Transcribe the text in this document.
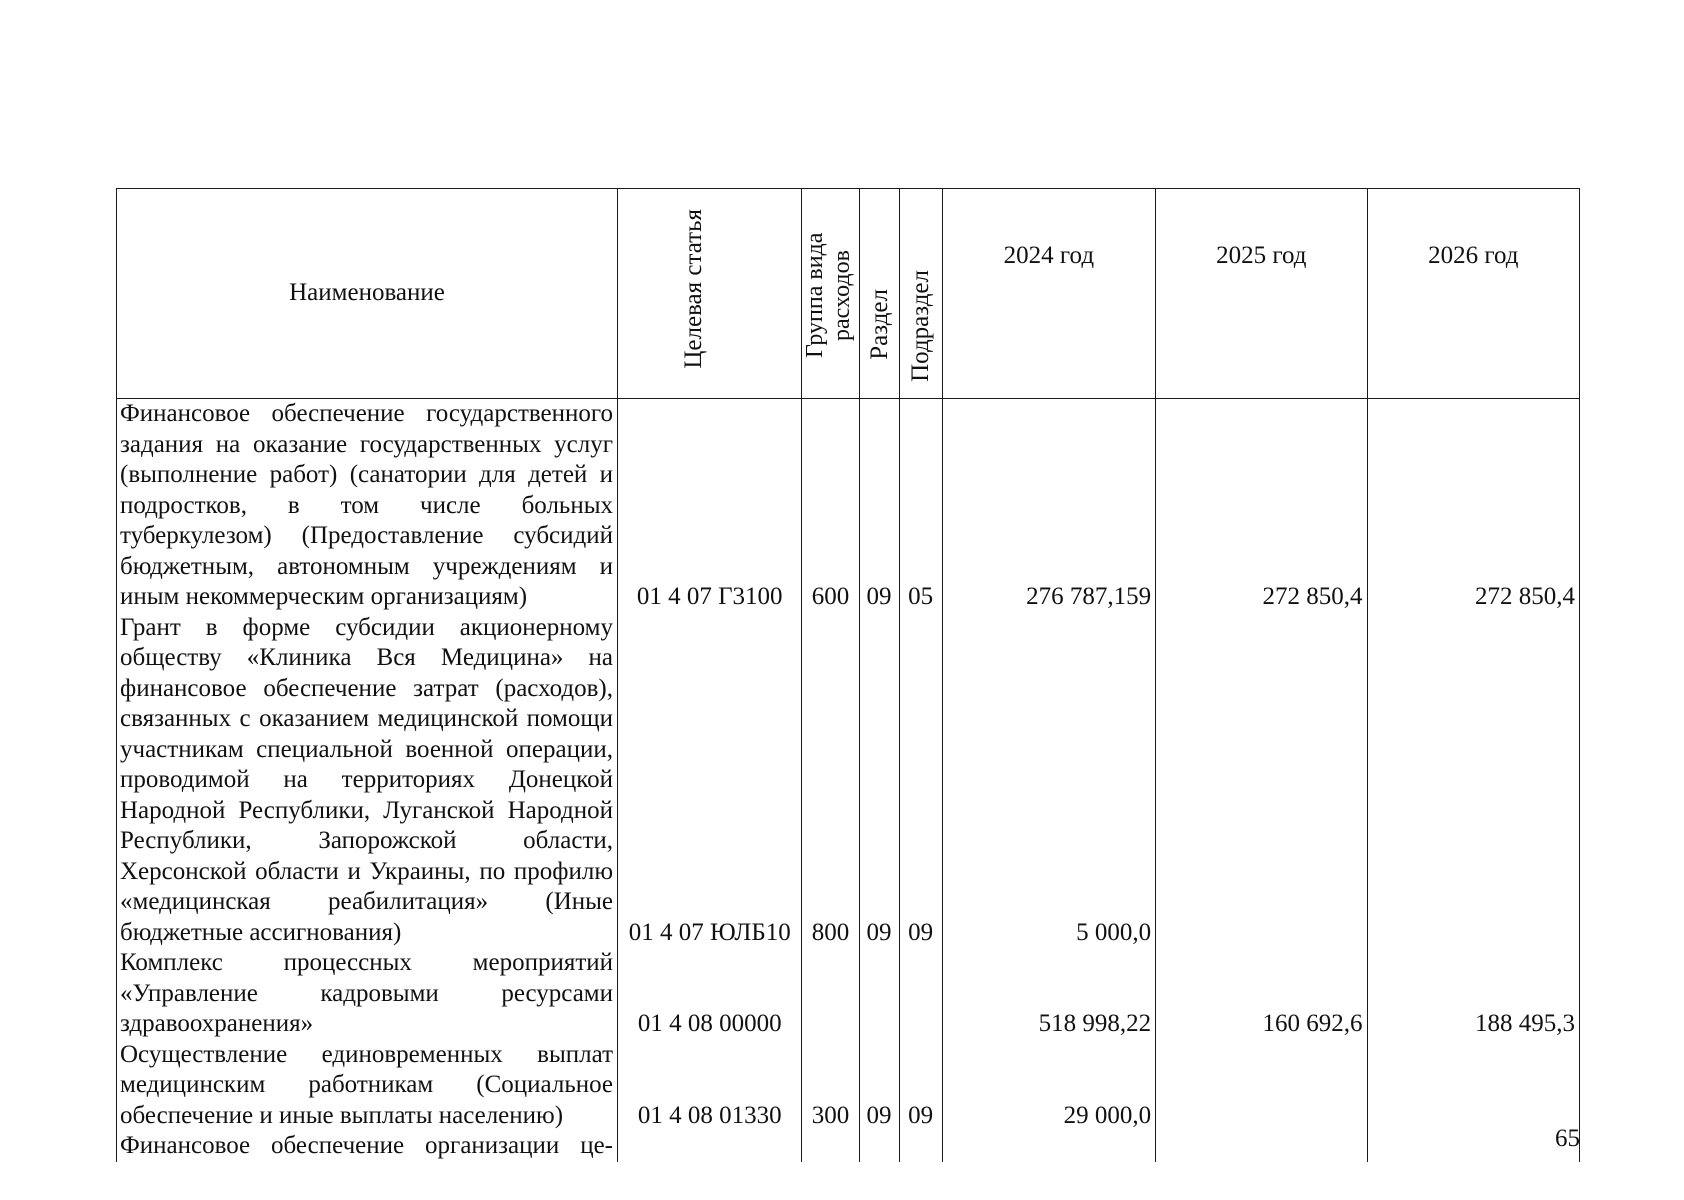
Наименование	Целевая статья	Группа вида расходов	Раздел	Подраздел	2024 год	2025 год	2026 год
Финансовое обеспечение государственного задания на оказание государственных услуг (выполнение работ) (санатории для детей и подростков, в том числе больных туберкулезом) (Предоставление субсидий бюджетным, автономным учреждениям и иным некоммерческим организациям)	01 4 07 Г3100	600	09	05	276 787,159	272 850,4	272 850,4
Грант в форме субсидии акционерному обществу «Клиника Вся Медицина» на финансовое обеспечение затрат (расходов), связанных с оказанием медицинской помощи участникам специальной военной операции, проводимой на территориях Донецкой Народной Республики, Луганской Народной Республики, Запорожской области, Херсонской области и Украины, по профилю «медицинская реабилитация» (Иные бюджетные ассигнования)	01 4 07 ЮЛБ10	800	09	09	5 000,0		
Комплекс процессных мероприятий «Управление кадровыми ресурсами здравоохранения»	01 4 08 00000				518 998,22	160 692,6	188 495,3
Осуществление единовременных выплат медицинским работникам (Социальное обеспечение и иные выплаты населению)	01 4 08 01330	300	09	09	29 000,0		
Финансовое обеспечение организации це-								65
